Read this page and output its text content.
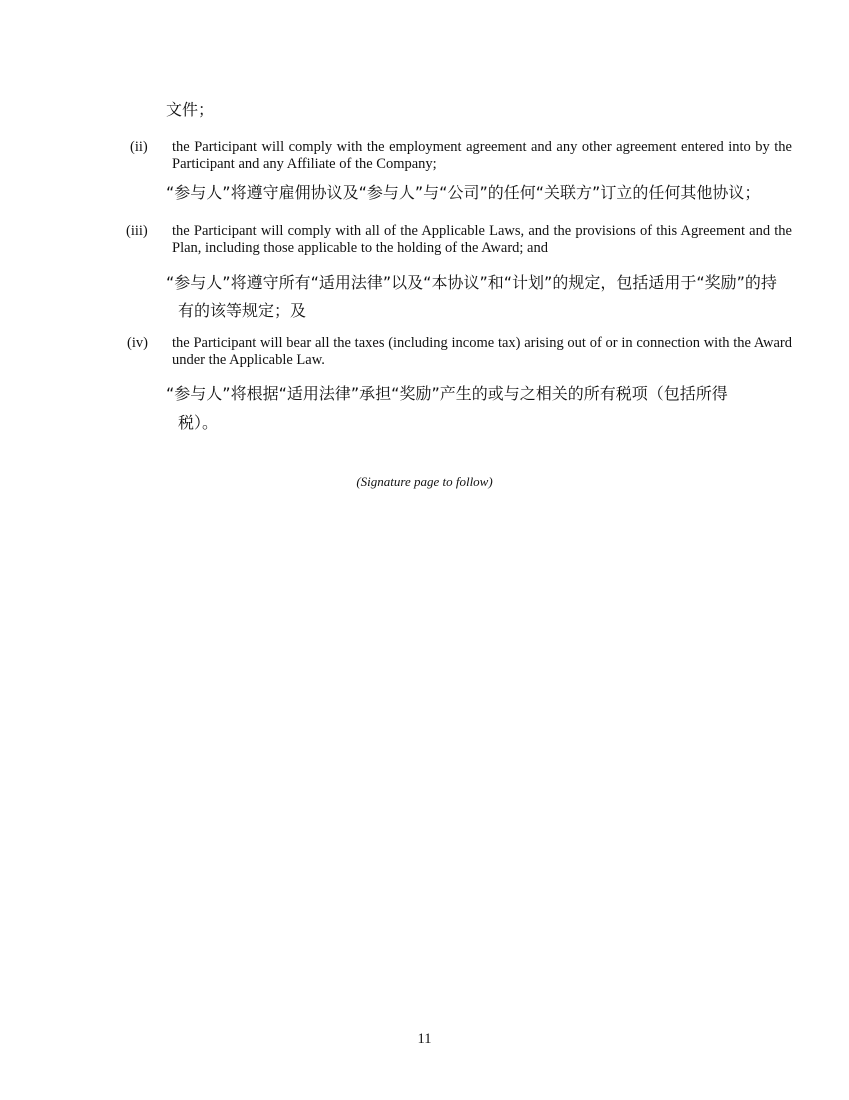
文件；
(ii)	the Participant will comply with the employment agreement and any other agreement entered into by the Participant and any Affiliate of the Company;
“参与人”将遵守雇佣协议及“参与人”与“公司”的任何“关联方”订立的任何其他协议；
(iii)	the Participant will comply with all of the Applicable Laws, and the provisions of this Agreement and the Plan, including those applicable to the holding of the Award; and
“参与人”将遵守所有“适用法律”以及“本协议”和“计划”的规定，包括适用于“奖励”的持
有的该等规定；及
(iv)	the Participant will bear all the taxes (including income tax) arising out of or in connection with the Award under the Applicable Law.
“参与人”将根据“适用法律”承担“奖励”产生的或与之相关的所有税项（包括所得
税）。
(Signature page to follow)
11
